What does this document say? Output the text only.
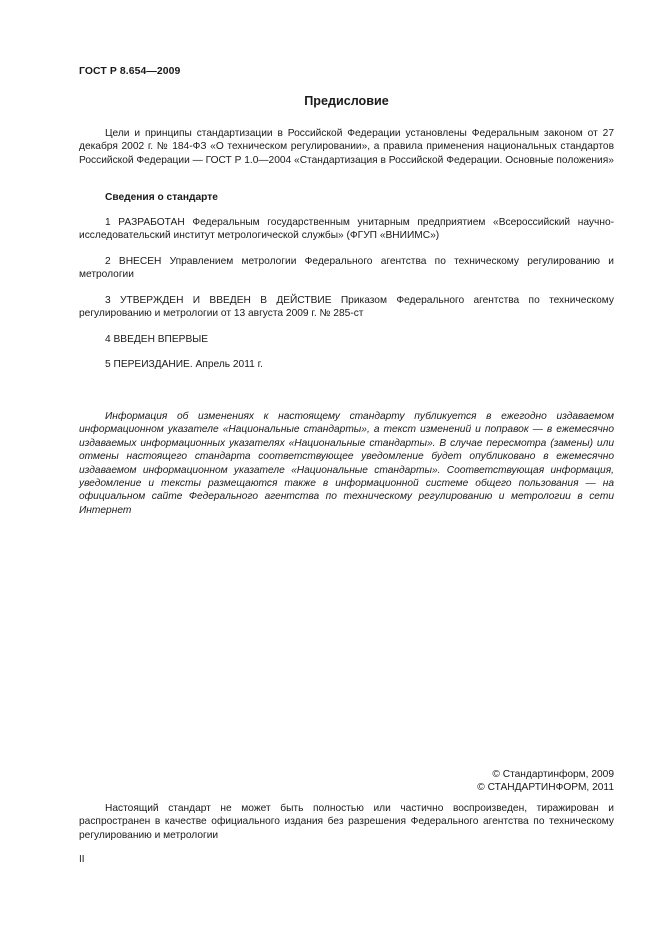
ГОСТ Р 8.654—2009
Предисловие

Цели и принципы стандартизации в Российской Федерации установлены Федеральным законом от 27 декабря 2002 г. № 184-ФЗ «О техническом регулировании», а правила применения национальных стандартов Российской Федерации — ГОСТ Р 1.0—2004 «Стандартизация в Российской Федерации. Основные положения»

Сведения о стандарте

1 РАЗРАБОТАН Федеральным государственным унитарным предприятием «Всероссийский научно-исследовательский институт метрологической службы» (ФГУП «ВНИИМС»)

2 ВНЕСЕН Управлением метрологии Федерального агентства по техническому регулированию и метрологии

3 УТВЕРЖДЕН И ВВЕДЕН В ДЕЙСТВИЕ Приказом Федерального агентства по техническому регулированию и метрологии от 13 августа 2009 г. № 285-ст

4 ВВЕДЕН ВПЕРВЫЕ

5 ПЕРЕИЗДАНИЕ. Апрель 2011 г.

Информация об изменениях к настоящему стандарту публикуется в ежегодно издаваемом информационном указателе «Национальные стандарты», а текст изменений и поправок — в ежемесячно издаваемых информационных указателях «Национальные стандарты». В случае пересмотра (замены) или отмены настоящего стандарта соответствующее уведомление будет опубликовано в ежемесячно издаваемом информационном указателе «Национальные стандарты». Соответствующая информация, уведомление и тексты размещаются также в информационной системе общего пользования — на официальном сайте Федерального агентства по техническому регулированию и метрологии в сети Интернет

© Стандартинформ, 2009
© СТАНДАРТИНФОРМ, 2011

Настоящий стандарт не может быть полностью или частично воспроизведен, тиражирован и распространен в качестве официального издания без разрешения Федерального агентства по техническому регулированию и метрологии

II
